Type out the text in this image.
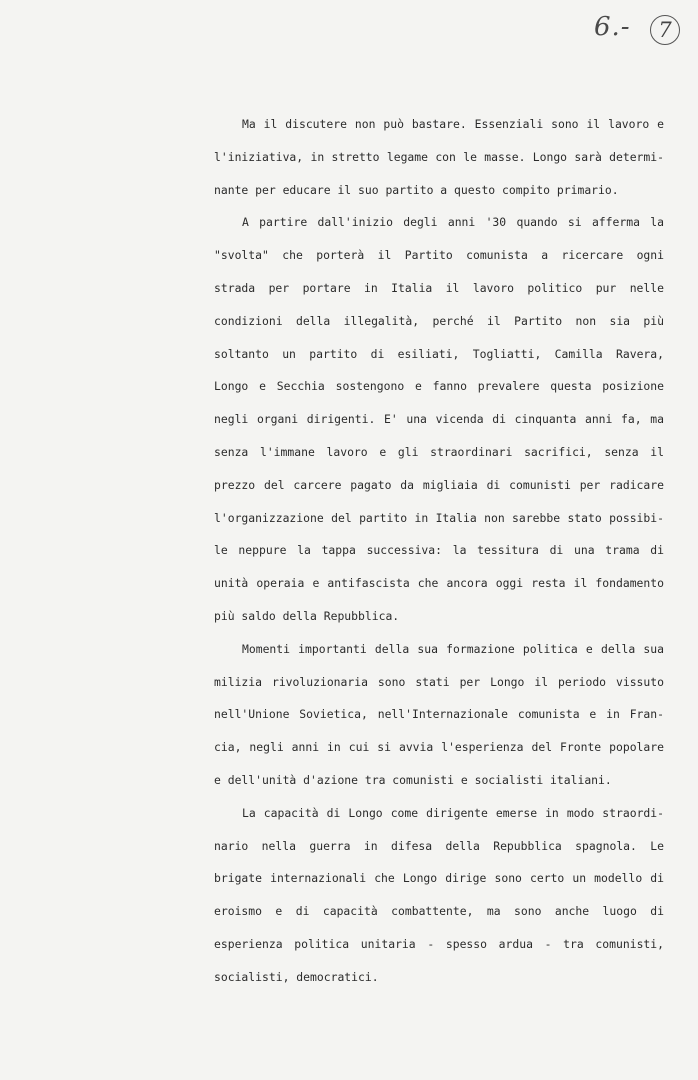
6.-	7
Ma il discutere non può bastare. Essenziali sono il lavoro e
l'iniziativa, in stretto legame con le masse. Longo sarà determi-
nante per educare il suo partito a questo compito primario.
A partire dall'inizio degli anni '30 quando si afferma la
"svolta" che porterà il Partito comunista a ricercare ogni
strada per portare in Italia il lavoro politico pur nelle
condizioni della illegalità, perché il Partito non sia più
soltanto un partito di esiliati, Togliatti, Camilla Ravera,
Longo e Secchia sostengono e fanno prevalere questa posizione
negli organi dirigenti. E' una vicenda di cinquanta anni fa, ma
senza l'immane lavoro e gli straordinari sacrifici, senza il
prezzo del carcere pagato da migliaia di comunisti per radicare
l'organizzazione del partito in Italia non sarebbe stato possibi-
le neppure la tappa successiva: la tessitura di una trama di
unità operaia e antifascista che ancora oggi resta il fondamento
più saldo della Repubblica.
Momenti importanti della sua formazione politica e della sua
milizia rivoluzionaria sono stati per Longo il periodo vissuto
nell'Unione Sovietica, nell'Internazionale comunista e in Fran-
cia, negli anni in cui si avvia l'esperienza del Fronte popolare
e dell'unità d'azione tra comunisti e socialisti italiani.
La capacità di Longo come dirigente emerse in modo straordi-
nario nella guerra in difesa della Repubblica spagnola. Le
brigate internazionali che Longo dirige sono certo un modello di
eroismo e di capacità combattente, ma sono anche luogo di
esperienza politica unitaria - spesso ardua - tra comunisti,
socialisti, democratici.
